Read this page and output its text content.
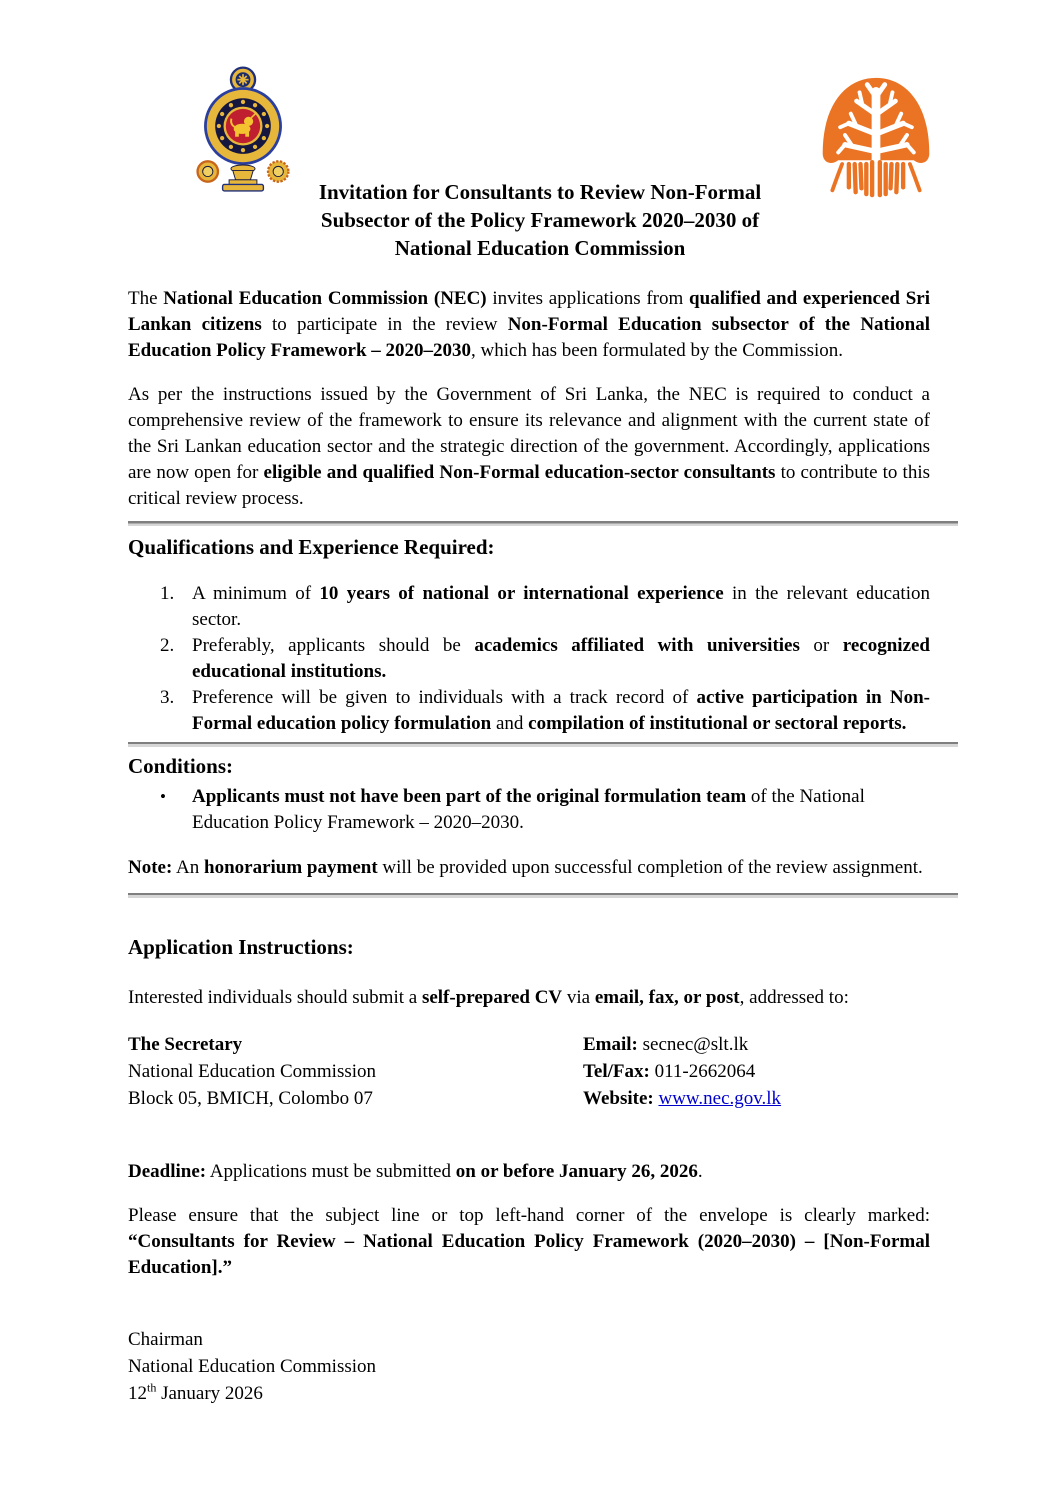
Invitation for Consultants to Review Non-Formal
Subsector of the Policy Framework 2020–2030 of
National Education Commission

The National Education Commission (NEC) invites applications from qualified and experienced Sri Lankan citizens to participate in the review Non-Formal Education subsector of the National Education Policy Framework – 2020–2030, which has been formulated by the Commission.

As per the instructions issued by the Government of Sri Lanka, the NEC is required to conduct a comprehensive review of the framework to ensure its relevance and alignment with the current state of the Sri Lankan education sector and the strategic direction of the government. Accordingly, applications are now open for eligible and qualified Non-Formal education-sector consultants to contribute to this critical review process.

Qualifications and Experience Required:
1. A minimum of 10 years of national or international experience in the relevant education sector.
2. Preferably, applicants should be academics affiliated with universities or recognized educational institutions.
3. Preference will be given to individuals with a track record of active participation in Non-Formal education policy formulation and compilation of institutional or sectoral reports.
Conditions:
•	Applicants must not have been part of the original formulation team of the National Education Policy Framework – 2020–2030.

Note: An honorarium payment will be provided upon successful completion of the review assignment.

Application Instructions:

Interested individuals should submit a self-prepared CV via email, fax, or post, addressed to:

The Secretary
National Education Commission
Block 05, BMICH, Colombo 07
Email: secnec@slt.lk
Tel/Fax: 011-2662064
Website: www.nec.gov.lk

Deadline: Applications must be submitted on or before January 26, 2026.

Please ensure that the subject line or top left-hand corner of the envelope is clearly marked: “Consultants for Review – National Education Policy Framework (2020–2030) – [Non-Formal Education].”

Chairman
National Education Commission
12th January 2026
